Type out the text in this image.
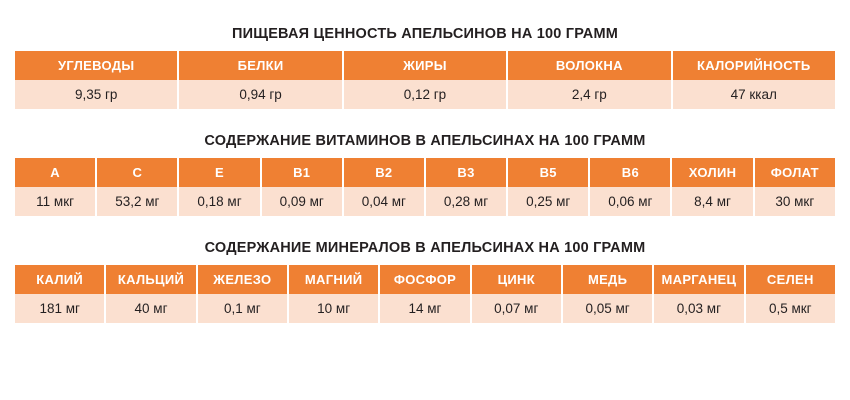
ПИЩЕВАЯ ЦЕННОСТЬ АПЕЛЬСИНОВ НА 100 ГРАММ
УГЛЕВОДЫ	БЕЛКИ	ЖИРЫ	ВОЛОКНА	КАЛОРИЙНОСТЬ
9,35 гр	0,94 гр	0,12 гр	2,4 гр	47 ккал
СОДЕРЖАНИЕ ВИТАМИНОВ В АПЕЛЬСИНАХ НА 100 ГРАММ
A	C	E	B1	B2	B3	B5	B6	ХОЛИН	ФОЛАТ
11 мкг	53,2 мг	0,18 мг	0,09 мг	0,04 мг	0,28 мг	0,25 мг	0,06 мг	8,4 мг	30 мкг
СОДЕРЖАНИЕ МИНЕРАЛОВ В АПЕЛЬСИНАХ НА 100 ГРАММ
КАЛИЙ	КАЛЬЦИЙ	ЖЕЛЕЗО	МАГНИЙ	ФОСФОР	ЦИНК	МЕДЬ	МАРГАНЕЦ	СЕЛЕН
181 мг	40 мг	0,1 мг	10 мг	14 мг	0,07 мг	0,05 мг	0,03 мг	0,5 мкг
